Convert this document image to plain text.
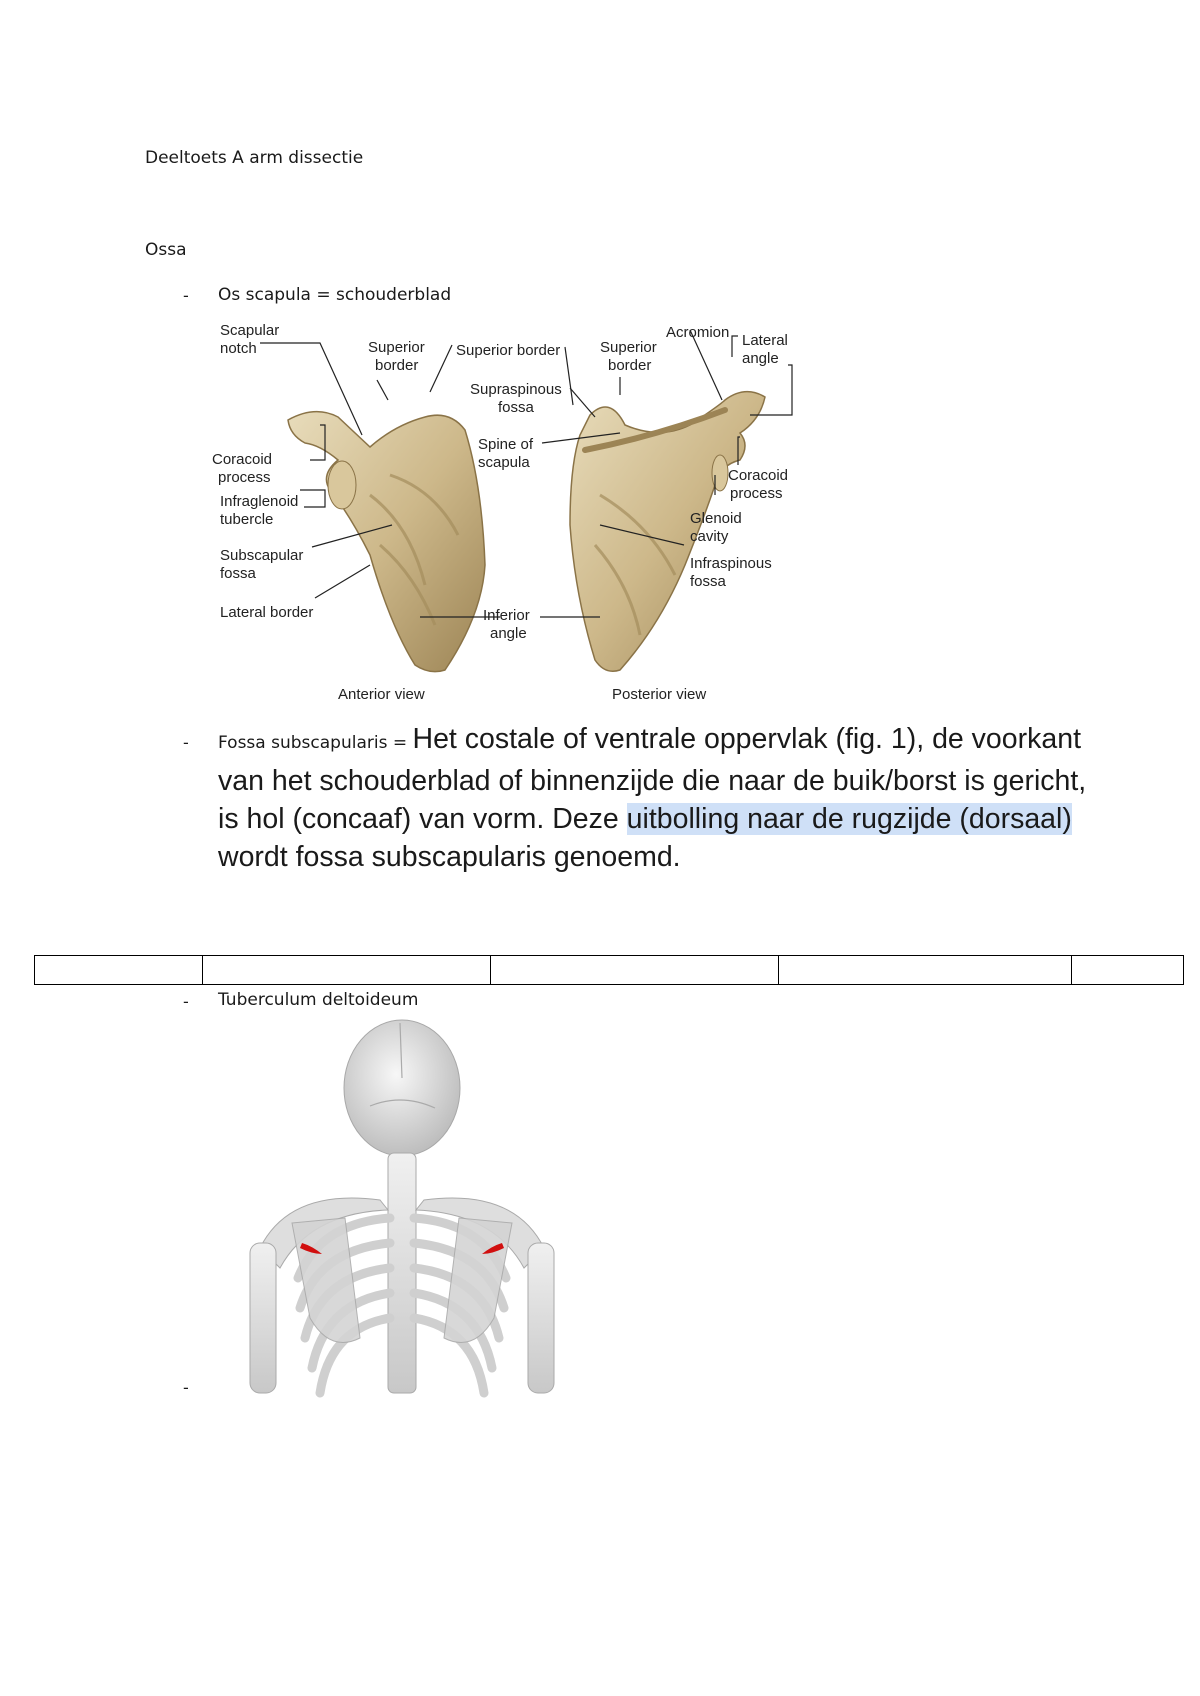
Deeltoets A arm dissectie
Ossa
- Os scapula = schouderblad
Scapular
notch	Superior
border
Superior border
Acromion
Superior
border
Lateral
angle
Supraspinous
fossa
Spine of
scapula
Coracoid
process	Coracoid
process
Infraglenoid
tubercle	Glenoid
cavity
Subscapular
fossa
Infraspinous
fossa
Lateral border	Inferior
angle
Anterior view	Posterior view
- Fossa subscapularis = Het costale of ventrale oppervlak (fig. 1), de voorkant van het schouderblad of binnenzijde die naar de buik/borst is gericht, is hol (concaaf) van vorm. Deze uitbolling naar de rugzijde (dorsaal) wordt fossa subscapularis genoemd.

- Tuberculum deltoideum
-
